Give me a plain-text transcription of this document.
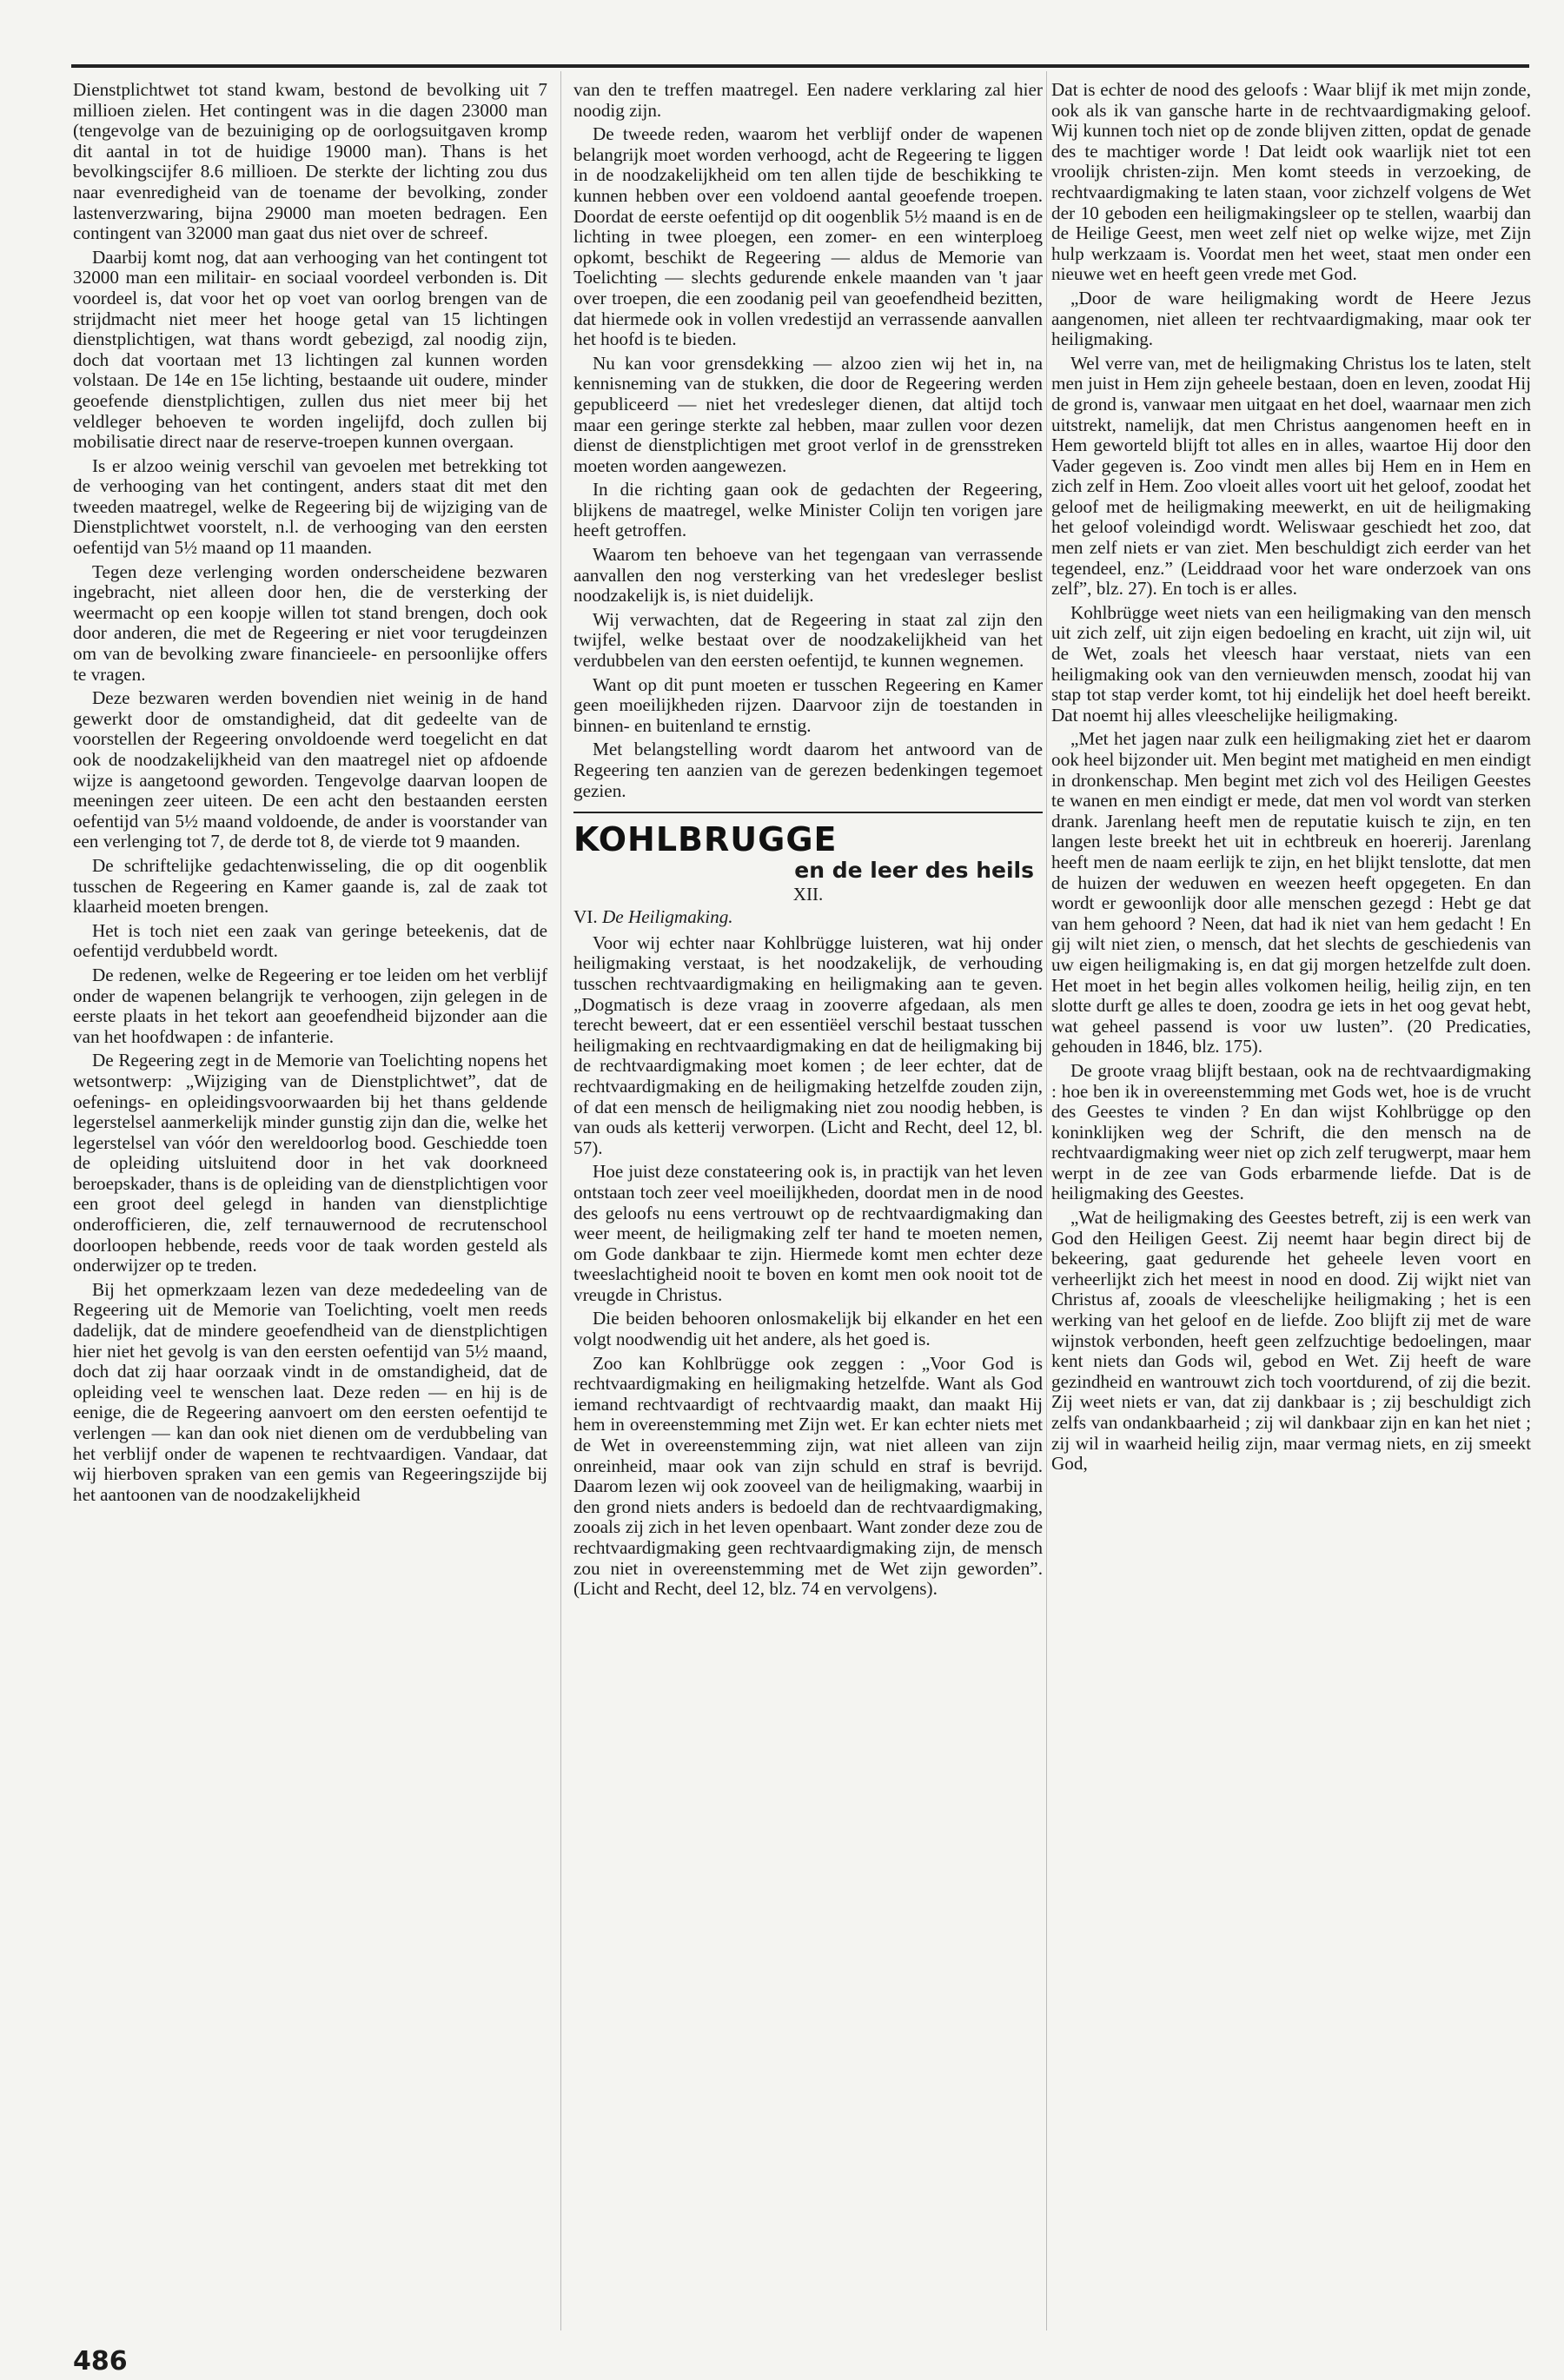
Dienstplichtwet tot stand kwam, bestond de bevolking uit 7 millioen zielen. Het contingent was in die dagen 23000 man (tengevolge van de bezuiniging op de oorlogsuitgaven kromp dit aantal in tot de huidige 19000 man). Thans is het bevolkingscijfer 8.6 millioen. De sterkte der lichting zou dus naar evenredigheid van de toename der bevolking, zonder lastenverzwaring, bijna 29000 man moeten bedragen. Een contingent van 32000 man gaat dus niet over de schreef.

Daarbij komt nog, dat aan verhooging van het contingent tot 32000 man een militair- en sociaal voordeel verbonden is. Dit voordeel is, dat voor het op voet van oorlog brengen van de strijdmacht niet meer het hooge getal van 15 lichtingen dienstplichtigen, wat thans wordt gebezigd, zal noodig zijn, doch dat voortaan met 13 lichtingen zal kunnen worden volstaan. De 14e en 15e lichting, bestaande uit oudere, minder geoefende dienstplichtigen, zullen dus niet meer bij het veldleger behoeven te worden ingelijfd, doch zullen bij mobilisatie direct naar de reserve-troepen kunnen overgaan.

Is er alzoo weinig verschil van gevoelen met betrekking tot de verhooging van het contingent, anders staat dit met den tweeden maatregel, welke de Regeering bij de wijziging van de Dienstplichtwet voorstelt, n.l. de verhooging van den eersten oefentijd van 5½ maand op 11 maanden.

Tegen deze verlenging worden onderscheidene bezwaren ingebracht, niet alleen door hen, die de versterking der weermacht op een koopje willen tot stand brengen, doch ook door anderen, die met de Regeering er niet voor terugdeinzen om van de bevolking zware financieele- en persoonlijke offers te vragen.

Deze bezwaren werden bovendien niet weinig in de hand gewerkt door de omstandigheid, dat dit gedeelte van de voorstellen der Regeering onvoldoende werd toegelicht en dat ook de noodzakelijkheid van den maatregel niet op afdoende wijze is aangetoond geworden. Tengevolge daarvan loopen de meeningen zeer uiteen. De een acht den bestaanden eersten oefentijd van 5½ maand voldoende, de ander is voorstander van een verlenging tot 7, de derde tot 8, de vierde tot 9 maanden.

De schriftelijke gedachtenwisseling, die op dit oogenblik tusschen de Regeering en Kamer gaande is, zal de zaak tot klaarheid moeten brengen.

Het is toch niet een zaak van geringe beteekenis, dat de oefentijd verdubbeld wordt.

De redenen, welke de Regeering er toe leiden om het verblijf onder de wapenen belangrijk te verhoogen, zijn gelegen in de eerste plaats in het tekort aan geoefendheid bijzonder aan die van het hoofdwapen : de infanterie.

De Regeering zegt in de Memorie van Toelichting nopens het wetsontwerp: „Wijziging van de Dienstplichtwet”, dat de oefenings- en opleidingsvoorwaarden bij het thans geldende legerstelsel aanmerkelijk minder gunstig zijn dan die, welke het legerstelsel van vóór den wereldoorlog bood. Geschiedde toen de opleiding uitsluitend door in het vak doorkneed beroepskader, thans is de opleiding van de dienstplichtigen voor een groot deel gelegd in handen van dienstplichtige onderofficieren, die, zelf ternauwernood de recrutenschool doorloopen hebbende, reeds voor de taak worden gesteld als onderwijzer op te treden.

Bij het opmerkzaam lezen van deze mededeeling van de Regeering uit de Memorie van Toelichting, voelt men reeds dadelijk, dat de mindere geoefendheid van de dienstplichtigen hier niet het gevolg is van den eersten oefentijd van 5½ maand, doch dat zij haar oorzaak vindt in de omstandigheid, dat de opleiding veel te wenschen laat. Deze reden — en hij is de eenige, die de Regeering aanvoert om den eersten oefentijd te verlengen — kan dan ook niet dienen om de verdubbeling van het verblijf onder de wapenen te rechtvaardigen. Vandaar, dat wij hierboven spraken van een gemis van Regeeringszijde bij het aantoonen van de noodzakelijkheid

van den te treffen maatregel. Een nadere verklaring zal hier noodig zijn.

De tweede reden, waarom het verblijf onder de wapenen belangrijk moet worden verhoogd, acht de Regeering te liggen in de noodzakelijkheid om ten allen tijde de beschikking te kunnen hebben over een voldoend aantal geoefende troepen. Doordat de eerste oefentijd op dit oogenblik 5½ maand is en de lichting in twee ploegen, een zomer- en een winterploeg opkomt, beschikt de Regeering — aldus de Memorie van Toelichting — slechts gedurende enkele maanden van 't jaar over troepen, die een zoodanig peil van geoefendheid bezitten, dat hiermede ook in vollen vredestijd an verrassende aanvallen het hoofd is te bieden.

Nu kan voor grensdekking — alzoo zien wij het in, na kennisneming van de stukken, die door de Regeering werden gepubliceerd — niet het vredesleger dienen, dat altijd toch maar een geringe sterkte zal hebben, maar zullen voor dezen dienst de dienstplichtigen met groot verlof in de grensstreken moeten worden aangewezen.

In die richting gaan ook de gedachten der Regeering, blijkens de maatregel, welke Minister Colijn ten vorigen jare heeft getroffen.

Waarom ten behoeve van het tegengaan van verrassende aanvallen den nog versterking van het vredesleger beslist noodzakelijk is, is niet duidelijk.

Wij verwachten, dat de Regeering in staat zal zijn den twijfel, welke bestaat over de noodzakelijkheid van het verdubbelen van den eersten oefentijd, te kunnen wegnemen.

Want op dit punt moeten er tusschen Regeering en Kamer geen moeilijkheden rijzen. Daarvoor zijn de toestanden in binnen- en buitenland te ernstig.

Met belangstelling wordt daarom het antwoord van de Regeering ten aanzien van de gerezen bedenkingen tegemoet gezien.

KOHLBRUGGE
en de leer des heils
XII.
VI. De Heiligmaking.

Voor wij echter naar Kohlbrügge luisteren, wat hij onder heiligmaking verstaat, is het noodzakelijk, de verhouding tusschen rechtvaardigmaking en heiligmaking aan te geven. „Dogmatisch is deze vraag in zooverre afgedaan, als men terecht beweert, dat er een essentiëel verschil bestaat tusschen heiligmaking en rechtvaardigmaking en dat de heiligmaking bij de rechtvaardigmaking moet komen ; de leer echter, dat de rechtvaardigmaking en de heiligmaking hetzelfde zouden zijn, of dat een mensch de heiligmaking niet zou noodig hebben, is van ouds als ketterij verworpen. (Licht and Recht, deel 12, bl. 57).

Hoe juist deze constateering ook is, in practijk van het leven ontstaan toch zeer veel moeilijkheden, doordat men in de nood des geloofs nu eens vertrouwt op de rechtvaardigmaking dan weer meent, de heiligmaking zelf ter hand te moeten nemen, om Gode dankbaar te zijn. Hiermede komt men echter deze tweeslachtigheid nooit te boven en komt men ook nooit tot de vreugde in Christus.

Die beiden behooren onlosmakelijk bij elkander en het een volgt noodwendig uit het andere, als het goed is.

Zoo kan Kohlbrügge ook zeggen : „Voor God is rechtvaardigmaking en heiligmaking hetzelfde. Want als God iemand rechtvaardigt of rechtvaardig maakt, dan maakt Hij hem in overeenstemming met Zijn wet. Er kan echter niets met de Wet in overeenstemming zijn, wat niet alleen van zijn onreinheid, maar ook van zijn schuld en straf is bevrijd. Daarom lezen wij ook zooveel van de heiligmaking, waarbij in den grond niets anders is bedoeld dan de rechtvaardigmaking, zooals zij zich in het leven openbaart. Want zonder deze zou de rechtvaardigmaking geen rechtvaardigmaking zijn, de mensch zou niet in overeenstemming met de Wet zijn geworden”. (Licht and Recht, deel 12, blz. 74 en vervolgens).

Dat is echter de nood des geloofs : Waar blijf ik met mijn zonde, ook als ik van gansche harte in de rechtvaardigmaking geloof. Wij kunnen toch niet op de zonde blijven zitten, opdat de genade des te machtiger worde ! Dat leidt ook waarlijk niet tot een vroolijk christen-zijn. Men komt steeds in verzoeking, de rechtvaardigmaking te laten staan, voor zichzelf volgens de Wet der 10 geboden een heiligmakingsleer op te stellen, waarbij dan de Heilige Geest, men weet zelf niet op welke wijze, met Zijn hulp werkzaam is. Voordat men het weet, staat men onder een nieuwe wet en heeft geen vrede met God.

„Door de ware heiligmaking wordt de Heere Jezus aangenomen, niet alleen ter rechtvaardigmaking, maar ook ter heiligmaking.

Wel verre van, met de heiligmaking Christus los te laten, stelt men juist in Hem zijn geheele bestaan, doen en leven, zoodat Hij de grond is, vanwaar men uitgaat en het doel, waarnaar men zich uitstrekt, namelijk, dat men Christus aangenomen heeft en in Hem geworteld blijft tot alles en in alles, waartoe Hij door den Vader gegeven is. Zoo vindt men alles bij Hem en in Hem en zich zelf in Hem. Zoo vloeit alles voort uit het geloof, zoodat het geloof met de heiligmaking meewerkt, en uit de heiligmaking het geloof voleindigd wordt. Weliswaar geschiedt het zoo, dat men zelf niets er van ziet. Men beschuldigt zich eerder van het tegendeel, enz.” (Leiddraad voor het ware onderzoek van ons zelf”, blz. 27). En toch is er alles.

Kohlbrügge weet niets van een heiligmaking van den mensch uit zich zelf, uit zijn eigen bedoeling en kracht, uit zijn wil, uit de Wet, zoals het vleesch haar verstaat, niets van een heiligmaking ook van den vernieuwden mensch, zoodat hij van stap tot stap verder komt, tot hij eindelijk het doel heeft bereikt. Dat noemt hij alles vleeschelijke heiligmaking.

„Met het jagen naar zulk een heiligmaking ziet het er daarom ook heel bijzonder uit. Men begint met matigheid en men eindigt in dronkenschap. Men begint met zich vol des Heiligen Geestes te wanen en men eindigt er mede, dat men vol wordt van sterken drank. Jarenlang heeft men de reputatie kuisch te zijn, en ten langen leste breekt het uit in echtbreuk en hoererij. Jarenlang heeft men de naam eerlijk te zijn, en het blijkt tenslotte, dat men de huizen der weduwen en weezen heeft opgegeten. En dan wordt er gewoonlijk door alle menschen gezegd : Hebt ge dat van hem gehoord ? Neen, dat had ik niet van hem gedacht ! En gij wilt niet zien, o mensch, dat het slechts de geschiedenis van uw eigen heiligmaking is, en dat gij morgen hetzelfde zult doen. Het moet in het begin alles volkomen heilig, heilig zijn, en ten slotte durft ge alles te doen, zoodra ge iets in het oog gevat hebt, wat geheel passend is voor uw lusten”. (20 Predicaties, gehouden in 1846, blz. 175).

De groote vraag blijft bestaan, ook na de rechtvaardigmaking : hoe ben ik in overeenstemming met Gods wet, hoe is de vrucht des Geestes te vinden ? En dan wijst Kohlbrügge op den koninklijken weg der Schrift, die den mensch na de rechtvaardigmaking weer niet op zich zelf terugwerpt, maar hem werpt in de zee van Gods erbarmende liefde. Dat is de heiligmaking des Geestes.

„Wat de heiligmaking des Geestes betreft, zij is een werk van God den Heiligen Geest. Zij neemt haar begin direct bij de bekeering, gaat gedurende het geheele leven voort en verheerlijkt zich het meest in nood en dood. Zij wijkt niet van Christus af, zooals de vleeschelijke heiligmaking ; het is een werking van het geloof en de liefde. Zoo blijft zij met de ware wijnstok verbonden, heeft geen zelfzuchtige bedoelingen, maar kent niets dan Gods wil, gebod en Wet. Zij heeft de ware gezindheid en wantrouwt zich toch voortdurend, of zij die bezit. Zij weet niets er van, dat zij dankbaar is ; zij beschuldigt zich zelfs van ondankbaarheid ; zij wil dankbaar zijn en kan het niet ; zij wil in waarheid heilig zijn, maar vermag niets, en zij smeekt God,

486
